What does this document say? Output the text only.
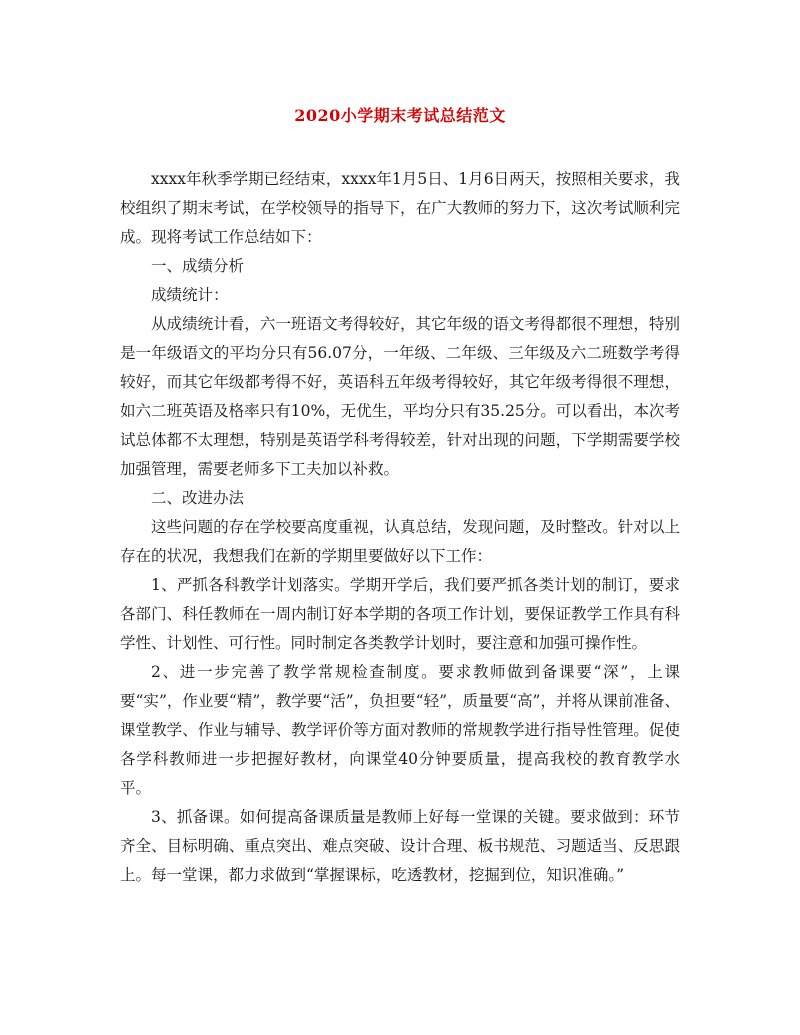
2020小学期末考试总结范文

xxxx年秋季学期已经结束，xxxx年1月5日、1月6日两天，按照相关要求，我校组织了期末考试，在学校领导的指导下，在广大教师的努力下，这次考试顺利完成。现将考试工作总结如下：

一、成绩分析

成绩统计：

从成绩统计看，六一班语文考得较好，其它年级的语文考得都很不理想，特别是一年级语文的平均分只有56.07分，一年级、二年级、三年级及六二班数学考得较好，而其它年级都考得不好，英语科五年级考得较好，其它年级考得很不理想，如六二班英语及格率只有10%，无优生，平均分只有35.25分。可以看出，本次考试总体都不太理想，特别是英语学科考得较差，针对出现的问题，下学期需要学校加强管理，需要老师多下工夫加以补救。

二、改进办法

这些问题的存在学校要高度重视，认真总结，发现问题，及时整改。针对以上存在的状况，我想我们在新的学期里要做好以下工作：

1、严抓各科教学计划落实。学期开学后，我们要严抓各类计划的制订，要求各部门、科任教师在一周内制订好本学期的各项工作计划，要保证教学工作具有科学性、计划性、可行性。同时制定各类教学计划时，要注意和加强可操作性。

2、进一步完善了教学常规检查制度。要求教师做到备课要“深”，上课要“实”，作业要“精”，教学要“活”，负担要“轻”，质量要“高”，并将从课前准备、课堂教学、作业与辅导、教学评价等方面对教师的常规教学进行指导性管理。促使各学科教师进一步把握好教材，向课堂40分钟要质量，提高我校的教育教学水平。

3、抓备课。如何提高备课质量是教师上好每一堂课的关键。要求做到：环节齐全、目标明确、重点突出、难点突破、设计合理、板书规范、习题适当、反思跟上。每一堂课，都力求做到“掌握课标，吃透教材，挖掘到位，知识准确。”
